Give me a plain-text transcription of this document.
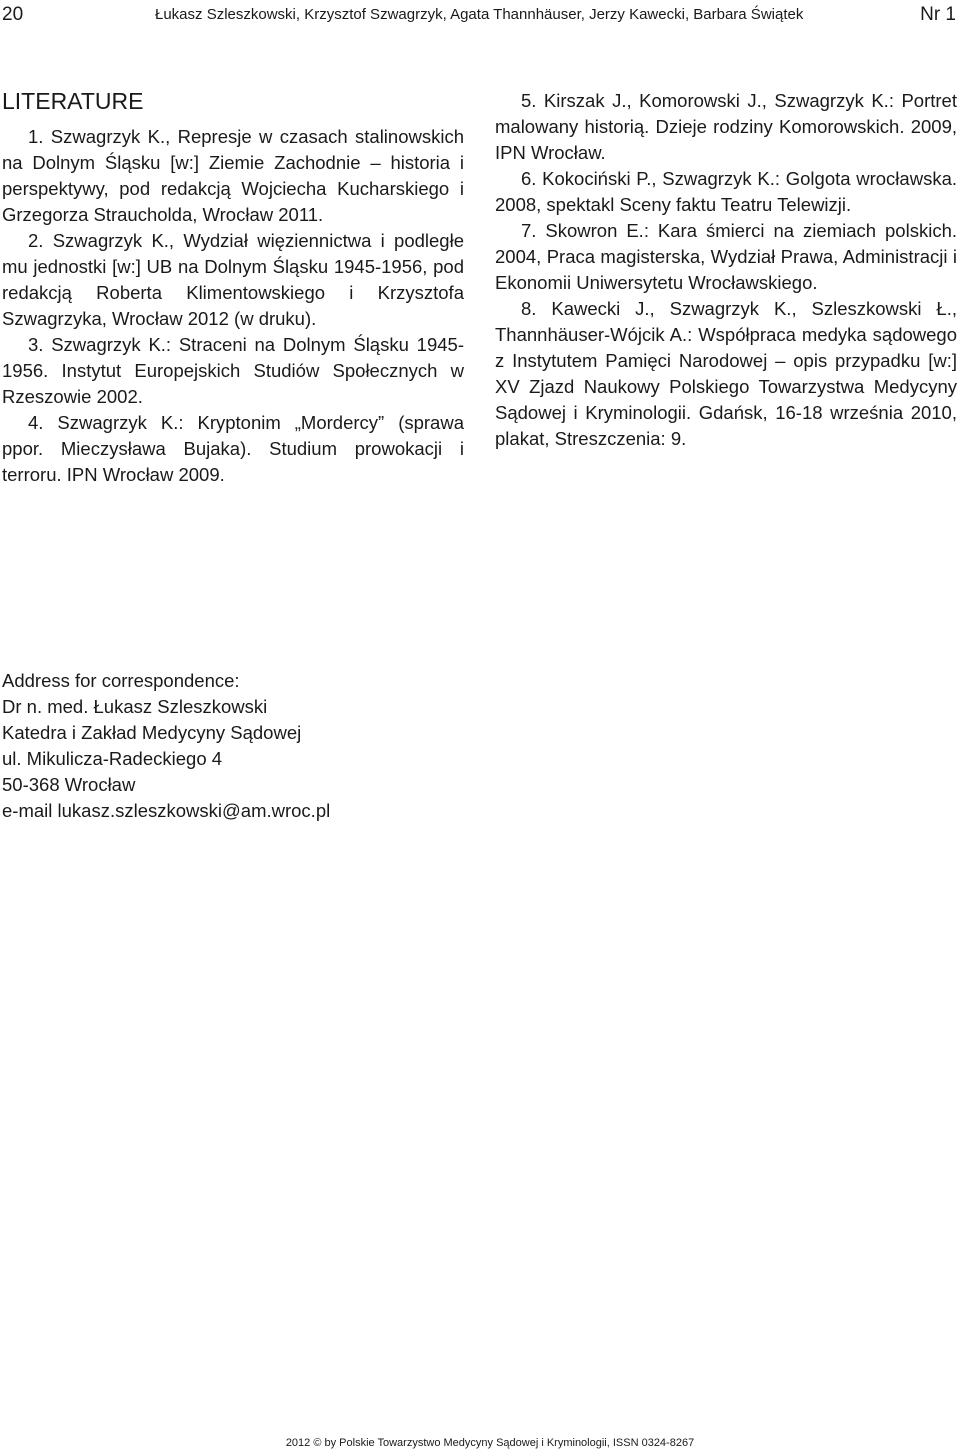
20	Łukasz Szleszkowski, Krzysztof Szwagrzyk, Agata Thannhäuser, Jerzy Kawecki, Barbara Świątek	Nr 1
LITERATURE

1. Szwagrzyk K., Represje w czasach stalinowskich na Dolnym Śląsku [w:] Ziemie Zachodnie – historia i perspektywy, pod redakcją Wojciecha Kucharskiego i Grzegorza Straucholda, Wrocław 2011.

2. Szwagrzyk K., Wydział więziennictwa i podległe mu jednostki [w:] UB na Dolnym Śląsku 1945-1956, pod redakcją Roberta Klimentowskiego i Krzysztofa Szwagrzyka, Wrocław 2012 (w druku).

3. Szwagrzyk K.: Straceni na Dolnym Śląsku 1945-1956. Instytut Europejskich Studiów Społecznych w Rzeszowie 2002.

4. Szwagrzyk K.: Kryptonim „Mordercy” (sprawa ppor. Mieczysława Bujaka). Studium prowokacji i terroru. IPN Wrocław 2009.

5. Kirszak J., Komorowski J., Szwagrzyk K.: Portret malowany historią. Dzieje rodziny Komorowskich. 2009, IPN Wrocław.

6. Kokociński P., Szwagrzyk K.: Golgota wrocławska. 2008, spektakl Sceny faktu Teatru Telewizji.

7. Skowron E.: Kara śmierci na ziemiach polskich. 2004, Praca magisterska, Wydział Prawa, Administracji i Ekonomii Uniwersytetu Wrocławskiego.

8. Kawecki J., Szwagrzyk K., Szleszkowski Ł., Thannhäuser-Wójcik A.: Współpraca medyka sądowego z Instytutem Pamięci Narodowej – opis przypadku [w:] XV Zjazd Naukowy Polskiego Towarzystwa Medycyny Sądowej i Kryminologii. Gdańsk, 16-18 września 2010, plakat, Streszczenia: 9.

Address for correspondence:
Dr n. med. Łukasz Szleszkowski
Katedra i Zakład Medycyny Sądowej
ul. Mikulicza-Radeckiego 4
50-368 Wrocław
e-mail lukasz.szleszkowski@am.wroc.pl
2012 © by Polskie Towarzystwo Medycyny Sądowej i Kryminologii, ISSN 0324-8267
